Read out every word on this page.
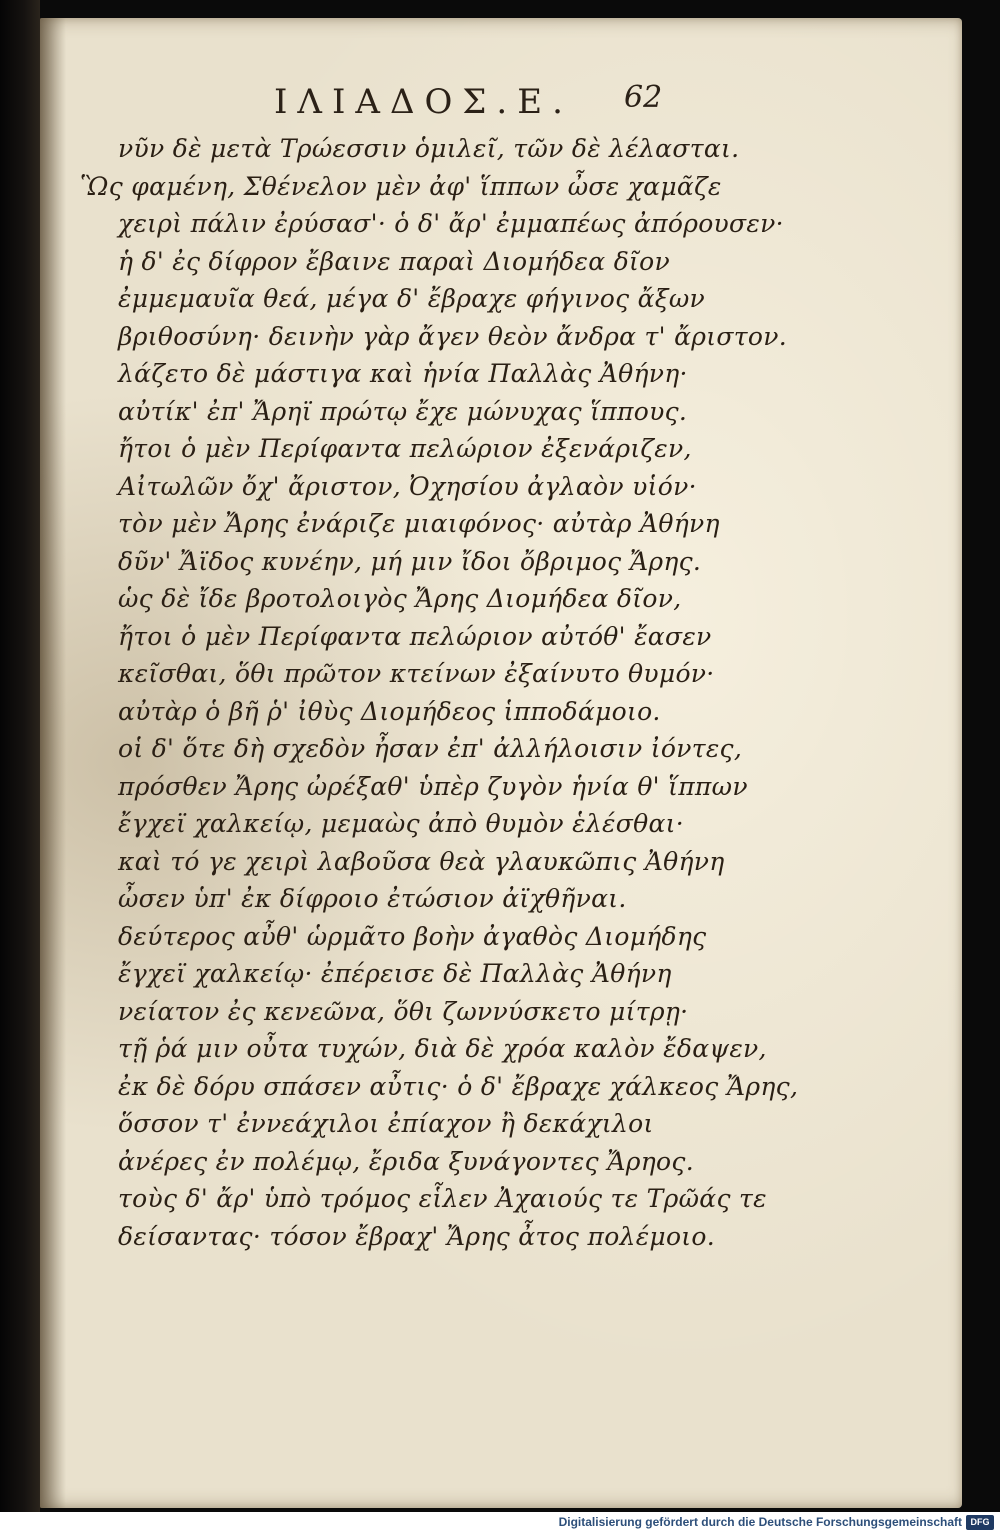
ΙΛΙΑΔΟΣ.Ε. 62
νῦν δὲ μετὰ Τρώεσσιν ὁμιλεῖ, τῶν δὲ λέλασται.
Ὣς φαμένη, Σθένελον μὲν ἀφ' ἵππων ὦσε χαμᾶζε
χειρὶ πάλιν ἐρύσασ'· ὁ δ' ἄρ' ἐμμαπέως ἀπόρουσεν·
ἡ δ' ἐς δίφρον ἔβαινε παραὶ Διομήδεα δῖον
ἐμμεμαυῖα θεά, μέγα δ' ἔβραχε φήγινος ἄξων
βριθοσύνη· δεινὴν γὰρ ἄγεν θεὸν ἄνδρα τ' ἄριστον.
λάζετο δὲ μάστιγα καὶ ἡνία Παλλὰς Ἀθήνη·
αὐτίκ' ἐπ' Ἄρηϊ πρώτῳ ἔχε μώνυχας ἵππους.
ἤτοι ὁ μὲν Περίφαντα πελώριον ἐξενάριζεν,
Αἰτωλῶν ὄχ' ἄριστον, Ὀχησίου ἀγλαὸν υἱόν·
τὸν μὲν Ἄρης ἐνάριζε μιαιφόνος· αὐτὰρ Ἀθήνη
δῦν' Ἄϊδος κυνέην, μή μιν ἴδοι ὄβριμος Ἄρης.
ὡς δὲ ἴδε βροτολοιγὸς Ἄρης Διομήδεα δῖον,
ἤτοι ὁ μὲν Περίφαντα πελώριον αὐτόθ' ἔασεν
κεῖσθαι, ὅθι πρῶτον κτείνων ἐξαίνυτο θυμόν·
αὐτὰρ ὁ βῆ ῥ' ἰθὺς Διομήδεος ἱπποδάμοιο.
οἱ δ' ὅτε δὴ σχεδὸν ἦσαν ἐπ' ἀλλήλοισιν ἰόντες,
πρόσθεν Ἄρης ὠρέξαθ' ὑπὲρ ζυγὸν ἡνία θ' ἵππων
ἔγχεϊ χαλκείῳ, μεμαὼς ἀπὸ θυμὸν ἑλέσθαι·
καὶ τό γε χειρὶ λαβοῦσα θεὰ γλαυκῶπις Ἀθήνη
ὦσεν ὑπ' ἐκ δίφροιο ἐτώσιον ἀϊχθῆναι.
δεύτερος αὖθ' ὡρμᾶτο βοὴν ἀγαθὸς Διομήδης
ἔγχεϊ χαλκείῳ· ἐπέρεισε δὲ Παλλὰς Ἀθήνη
νείατον ἐς κενεῶνα, ὅθι ζωννύσκετο μίτρῃ·
τῇ ῥά μιν οὖτα τυχών, διὰ δὲ χρόα καλὸν ἔδαψεν,
ἐκ δὲ δόρυ σπάσεν αὖτις· ὁ δ' ἔβραχε χάλκεος Ἄρης,
ὅσσον τ' ἐννεάχιλοι ἐπίαχον ἢ δεκάχιλοι
ἀνέρες ἐν πολέμῳ, ἔριδα ξυνάγοντες Ἄρηος.
τοὺς δ' ἄρ' ὑπὸ τρόμος εἷλεν Ἀχαιούς τε Τρῶάς τε
δείσαντας· τόσον ἔβραχ' Ἄρης ἆτος πολέμοιο.
Digitalisierung gefördert durch die Deutsche Forschungsgemeinschaft DFG
